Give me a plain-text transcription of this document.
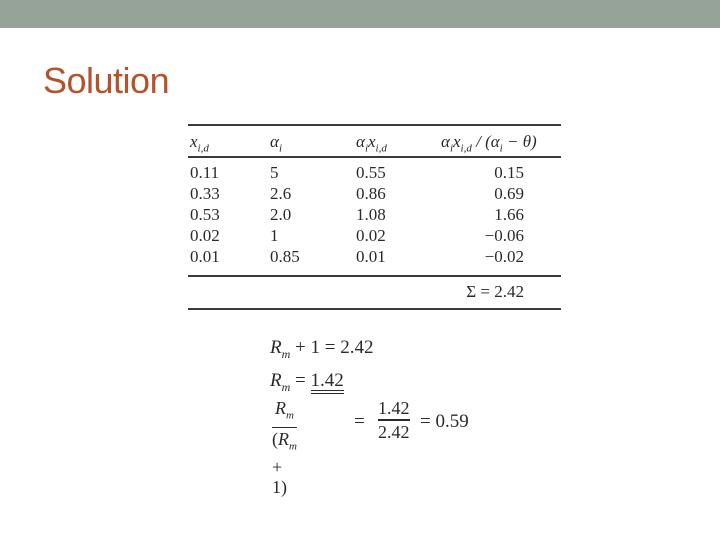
Solution
$x_{i,d}$	$\alpha_i$	$\alpha_ix_{i,d}$	$\alpha_ix_{i,d} / (\alpha_i - \theta)$
0.11	5	0.55	0.15
0.33	2.6	0.86	0.69
0.53	2.0	1.08	1.66
0.02	1	0.02	−0.06
0.01	0.85	0.01	−0.02
Σ = 2.42
$R_m + 1 = 2.42$
$R_m = 1.42$
$R_m$
$(R_m + 1)$
=
1.42
2.42 = 0.59
